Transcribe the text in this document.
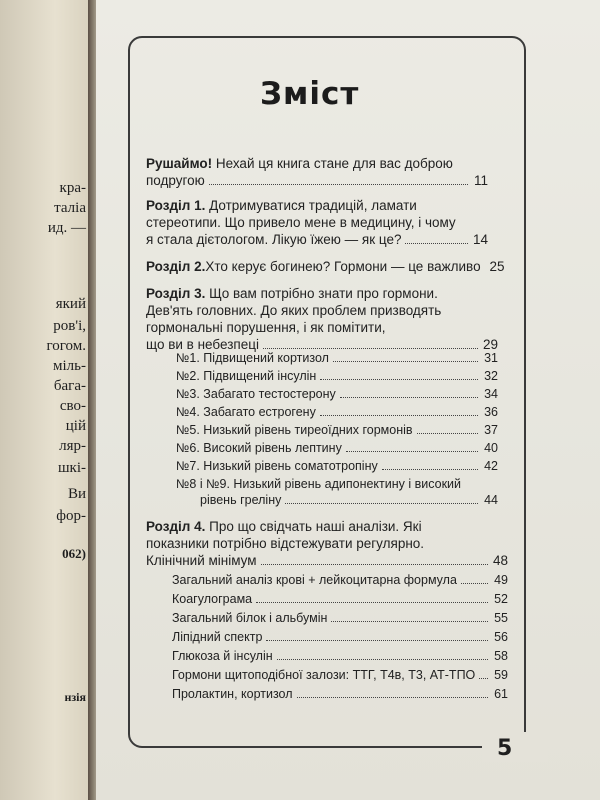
кра-
таліа
ид. —
який
ров'і,
гогом.
міль-
бага-
сво-
цій
ляр-
шкі-
Ви
фор-
062)
нзія
5
Зміст
Рушаймо! Нехай ця книга стане для вас доброю
подругою	11
Розділ 1. Дотримуватися традицій, ламати
стереотипи. Що привело мене в медицину, і чому
я стала дієтологом. Лікую їжею — як це?	14
Розділ 2. Хто керує богинею? Гормони — це важливо 25
Розділ 3. Що вам потрібно знати про гормони.
Дев'ять головних. До яких проблем призводять
гормональні порушення, і як помітити,
що ви в небезпеці	29
№1. Підвищений кортизол	31
№2. Підвищений інсулін	32
№3. Забагато тестостерону	34
№4. Забагато естрогену	36
№5. Низький рівень тиреоїдних гормонів	37
№6. Високий рівень лептину	40
№7. Низький рівень соматотропіну	42
№8 і №9. Низький рівень адипонектину і високий
рівень греліну	44
Розділ 4. Про що свідчать наші аналізи. Які
показники потрібно відстежувати регулярно.
Клінічний мінімум	48
Загальний аналіз крові + лейкоцитарна формула	49
Коагулограма	52
Загальний білок і альбумін	55
Ліпідний спектр	56
Глюкоза й інсулін	58
Гормони щитоподібної залози: ТТГ, Т4в, Т3, АТ-ТПО 59
Пролактин, кортизол	61
